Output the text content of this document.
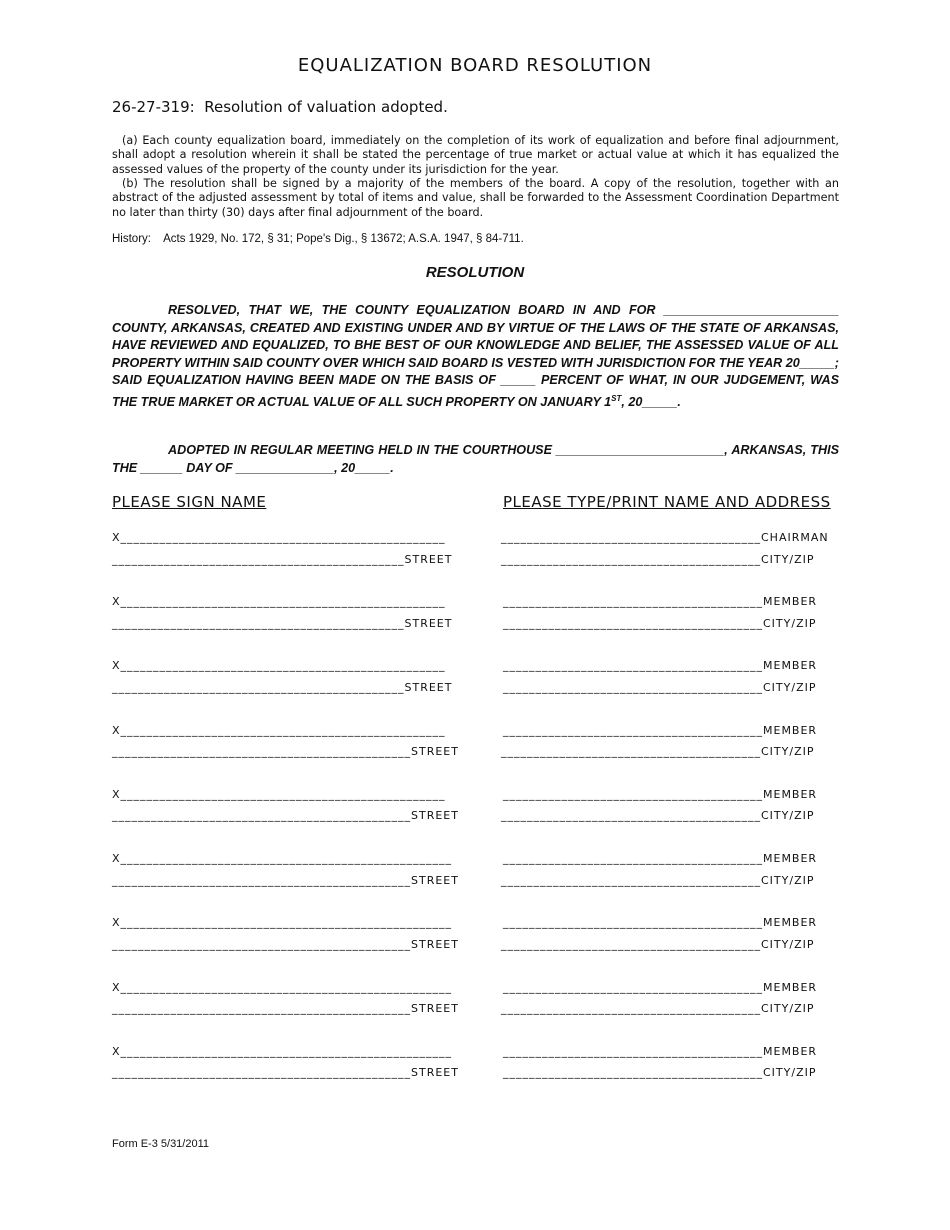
EQUALIZATION BOARD RESOLUTION
26-27-319:  Resolution of valuation adopted.
(a) Each county equalization board, immediately on the completion of its work of equalization and before final adjournment, shall adopt a resolution wherein it shall be stated the percentage of true market or actual value at which it has equalized the assessed values of the property of the county under its jurisdiction for the year.
(b) The resolution shall be signed by a majority of the members of the board. A copy of the resolution, together with an abstract of the adjusted assessment by total of items and value, shall be forwarded to the Assessment Coordination Department no later than thirty (30) days after final adjournment of the board.
History:    Acts 1929, No. 172, § 31; Pope's Dig., § 13672; A.S.A. 1947, § 84-711.
RESOLUTION
RESOLVED, THAT WE, THE COUNTY EQUALIZATION BOARD IN AND FOR _________________________ COUNTY, ARKANSAS, CREATED AND EXISTING UNDER AND BY VIRTUE OF THE LAWS OF THE STATE OF ARKANSAS, HAVE REVIEWED AND EQUALIZED, TO BHE BEST OF OUR KNOWLEDGE AND BELIEF, THE ASSESSED VALUE OF ALL PROPERTY WITHIN SAID COUNTY OVER WHICH SAID BOARD IS VESTED WITH JURISDICTION FOR THE YEAR 20_____; SAID EQUALIZATION HAVING BEEN MADE ON THE BASIS OF _____ PERCENT OF WHAT, IN OUR JUDGEMENT, WAS THE TRUE MARKET OR ACTUAL VALUE OF ALL SUCH PROPERTY ON JANUARY 1ST, 20_____.
ADOPTED IN REGULAR MEETING HELD IN THE COURTHOUSE ________________________, ARKANSAS, THIS THE ______ DAY OF ______________, 20_____.
PLEASE SIGN NAME	PLEASE TYPE/PRINT NAME AND ADDRESS
X__________________________________________________
_____________________________________________STREET
________________________________________CHAIRMAN
________________________________________CITY/ZIP
X__________________________________________________
_____________________________________________STREET
________________________________________MEMBER
________________________________________CITY/ZIP
X__________________________________________________
_____________________________________________STREET
________________________________________MEMBER
________________________________________CITY/ZIP
X__________________________________________________
______________________________________________STREET
________________________________________MEMBER
________________________________________CITY/ZIP
X__________________________________________________
______________________________________________STREET
________________________________________MEMBER
________________________________________CITY/ZIP
X___________________________________________________
______________________________________________STREET
________________________________________MEMBER
________________________________________CITY/ZIP
X___________________________________________________
______________________________________________STREET
________________________________________MEMBER
________________________________________CITY/ZIP
X___________________________________________________
______________________________________________STREET
________________________________________MEMBER
________________________________________CITY/ZIP
X___________________________________________________
______________________________________________STREET
________________________________________MEMBER
________________________________________CITY/ZIP
Form E-3 5/31/2011
